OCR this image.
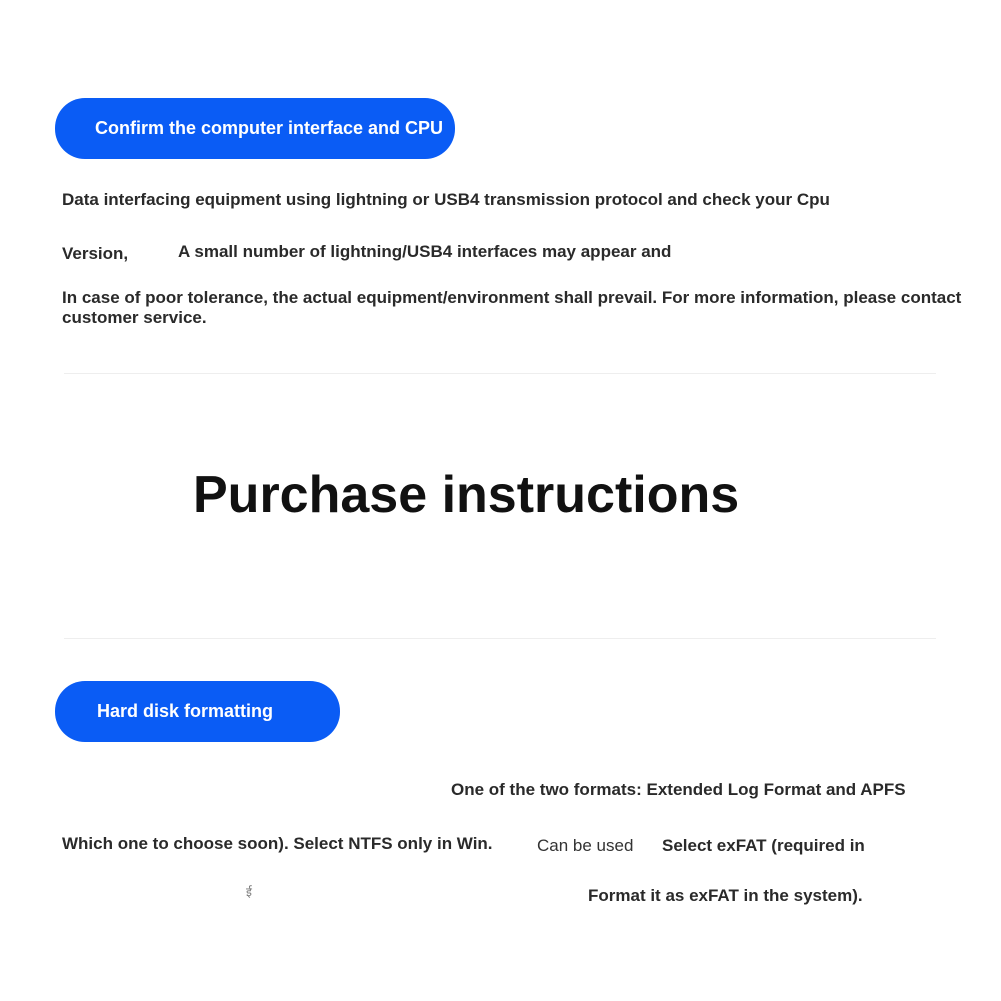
Confirm the computer interface and CPU
Data interfacing equipment using lightning or USB4 transmission protocol and check your Cpu
Version,	A small number of lightning/USB4 interfaces may appear and
In case of poor tolerance, the actual equipment/environment shall prevail. For more information, please contact customer service.
Purchase instructions
Hard disk formatting
One of the two formats: Extended Log Format and APFS
Which one to choose soon). Select NTFS only in Win.	Can be used Select exFAT (required in
ई	Format it as exFAT in the system).
